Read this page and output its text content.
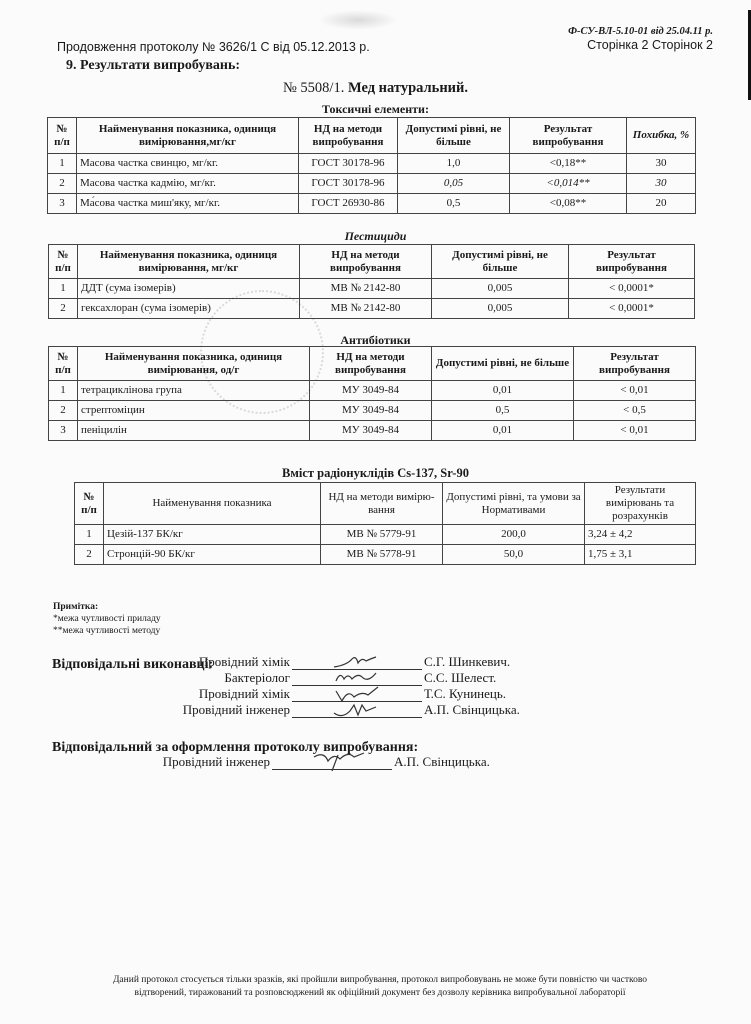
Продовження протоколу № 3626/1 С від 05.12.2013 р.
Ф-СУ-ВЛ-5.10-01 від 25.04.11 р.
Сторінка 2 Сторінок 2
9. Результати випробувань:
№ 5508/1. Мед натуральний.
Токсичні елементи:
№ п/п	Найменування показника, одиниця вимірювання,мг/кг	НД на методи випробування	Допустимі рівні, не більше	Результат випробування	Похибка, %
1	Масова частка свинцю, мг/кг.	ГОСТ 30178-96	1,0	<0,18**	30
2	Масова частка кадмію, мг/кг.	ГОСТ 30178-96	0,05	<0,014**	30
3	Ма́сова частка миш'яку, мг/кг.	ГОСТ 26930-86	0,5	<0,08**	20
Пестициди
№ п/п	Найменування показника, одиниця вимірювання, мг/кг	НД на методи випробування	Допустимі рівні, не більше	Результат випробування
1	ДДТ (сума ізомерів)	МВ № 2142-80	0,005	< 0,0001*
2	гексахлоран (сума ізомерів)	МВ № 2142-80	0,005	< 0,0001*
Антибіотики
№ п/п	Найменування показника, одиниця вимірювання, од/г	НД на методи випробування	Допустимі рівні, не більше	Результат випробування
1	тетрациклінова група	МУ 3049-84	0,01	< 0,01
2	стрептоміцин	МУ 3049-84	0,5	< 0,5
3	пеніцилін	МУ 3049-84	0,01	< 0,01
Вміст радіонуклідів Cs-137, Sr-90
№ п/п	Найменування показника	НД на методи вимірю-вання	Допустимі рівні, та умови за Нормативами	Результати вимірювань та розрахунків
1	Цезій-137 БК/кг	МВ № 5779-91	200,0	3,24 ± 4,2
2	Стронцій-90 БК/кг	МВ № 5778-91	50,0	1,75 ± 3,1
Примітка:
*межа чутливості приладу
**межа чутливості методу
Відповідальні виконавці:
Провідний хімік	С.Г. Шинкевич.
Бактеріолог	С.С. Шелест.
Провідний хімік	Т.С. Кунинець.
Провідний інженер	А.П. Свінцицька.
Відповідальний за оформлення протоколу випробування:
Провідний інженер	А.П. Свінцицька.
Даний протокол стосується тільки зразків, які пройшли випробування, протокол випробовувань не може бути повністю чи частково
відтворений, тиражований та розповсюджений як офіційний документ без дозволу керівника випробувальної лабораторії
